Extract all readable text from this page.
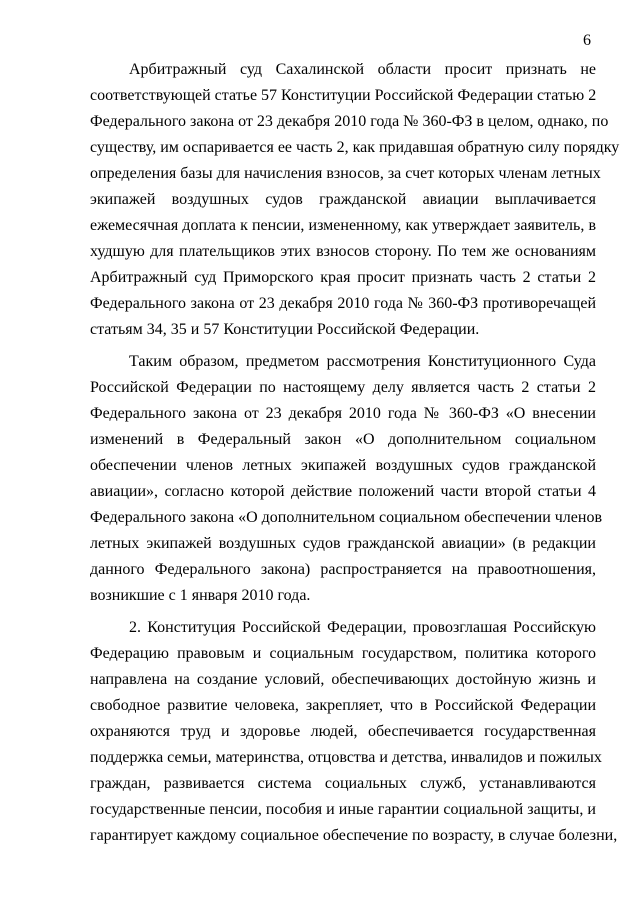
6
Арбитражный суд Сахалинской области просит признать не
соответствующей статье 57 Конституции Российской Федерации статью 2
Федерального закона от 23 декабря 2010 года № 360-ФЗ в целом, однако, по
существу, им оспаривается ее часть 2, как придавшая обратную силу порядку
определения базы для начисления взносов, за счет которых членам летных
экипажей воздушных судов гражданской авиации выплачивается
ежемесячная доплата к пенсии, измененному, как утверждает заявитель, в
худшую для плательщиков этих взносов сторону. По тем же основаниям
Арбитражный суд Приморского края просит признать часть 2 статьи 2
Федерального закона от 23 декабря 2010 года № 360-ФЗ противоречащей
статьям 34, 35 и 57 Конституции Российской Федерации.
Таким образом, предметом рассмотрения Конституционного Суда
Российской Федерации по настоящему делу является часть 2 статьи 2
Федерального закона от 23 декабря 2010 года № 360-ФЗ «О внесении
изменений в Федеральный закон «О дополнительном социальном
обеспечении членов летных экипажей воздушных судов гражданской
авиации», согласно которой действие положений части второй статьи 4
Федерального закона «О дополнительном социальном обеспечении членов
летных экипажей воздушных судов гражданской авиации» (в редакции
данного Федерального закона) распространяется на правоотношения,
возникшие с 1 января 2010 года.
2. Конституция Российской Федерации, провозглашая Российскую
Федерацию правовым и социальным государством, политика которого
направлена на создание условий, обеспечивающих достойную жизнь и
свободное развитие человека, закрепляет, что в Российской Федерации
охраняются труд и здоровье людей, обеспечивается государственная
поддержка семьи, материнства, отцовства и детства, инвалидов и пожилых
граждан, развивается система социальных служб, устанавливаются
государственные пенсии, пособия и иные гарантии социальной защиты, и
гарантирует каждому социальное обеспечение по возрасту, в случае болезни,
